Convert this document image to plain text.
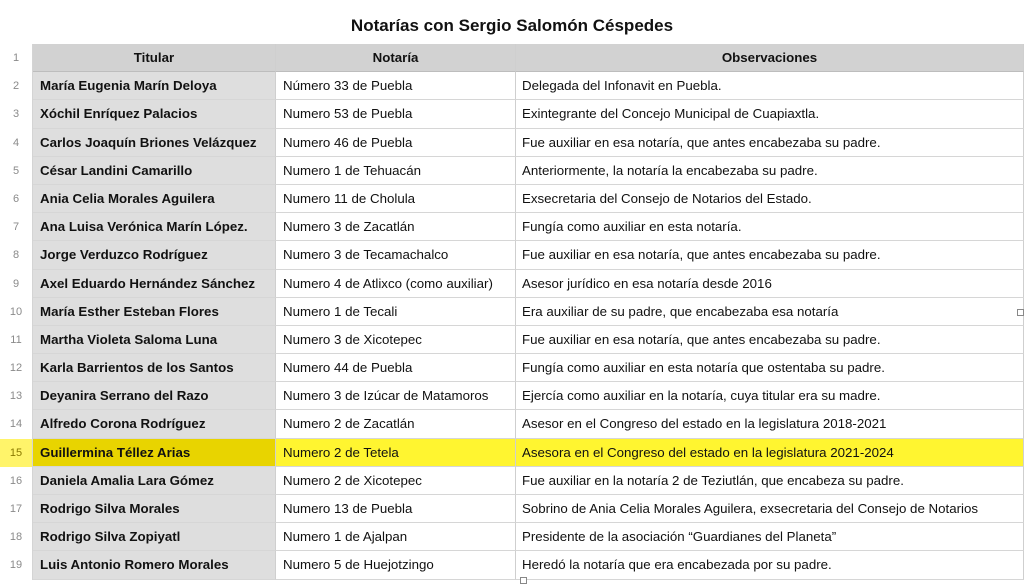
Notarías con Sergio Salomón Céspedes
1	Titular	Notaría	Observaciones
2	María Eugenia Marín Deloya	Número 33 de Puebla	Delegada del Infonavit en Puebla.
3	Xóchil Enríquez Palacios	Numero 53 de Puebla	Exintegrante del Concejo Municipal de Cuapiaxtla.
4	Carlos Joaquín Briones Velázquez	Numero 46 de Puebla	Fue auxiliar en esa notaría, que antes encabezaba su padre.
5	César Landini Camarillo	Numero 1 de Tehuacán	Anteriormente, la notaría la encabezaba su padre.
6	Ania Celia Morales Aguilera	Numero 11 de Cholula	Exsecretaria del Consejo de Notarios del Estado.
7	Ana Luisa Verónica Marín López.	Numero 3 de Zacatlán	Fungía como auxiliar en esta notaría.
8	Jorge Verduzco Rodríguez	Numero 3 de Tecamachalco	Fue auxiliar en esa notaría, que antes encabezaba su padre.
9	Axel Eduardo Hernández Sánchez	Numero 4 de Atlixco (como auxiliar)	Asesor jurídico en esa notaría desde 2016
10	María Esther Esteban Flores	Numero 1 de Tecali	Era auxiliar de su padre, que encabezaba esa notaría
11	Martha Violeta Saloma Luna	Numero 3 de Xicotepec	Fue auxiliar en esa notaría, que antes encabezaba su padre.
12	Karla Barrientos de los Santos	Numero 44 de Puebla	Fungía como auxiliar en esta notaría que ostentaba su padre.
13	Deyanira Serrano del Razo	Numero 3 de Izúcar de Matamoros	Ejercía como auxiliar en la notaría, cuya titular era su madre.
14	Alfredo Corona Rodríguez	Numero 2 de Zacatlán	Asesor en el Congreso del estado en la legislatura 2018-2021
15	Guillermina Téllez Arias	Numero 2 de Tetela	Asesora en el Congreso del estado en la legislatura 2021-2024
16	Daniela Amalia Lara Gómez	Numero 2 de Xicotepec	Fue auxiliar en la notaría 2 de Teziutlán, que encabeza su padre.
17	Rodrigo Silva Morales	Numero 13 de Puebla	Sobrino de Ania Celia Morales Aguilera, exsecretaria del Consejo de Notarios
18	Rodrigo Silva Zopiyatl	Numero 1 de Ajalpan	Presidente de la asociación “Guardianes del Planeta”
19	Luis Antonio Romero Morales	Numero 5 de Huejotzingo	Heredó la notaría que era encabezada por su padre.
